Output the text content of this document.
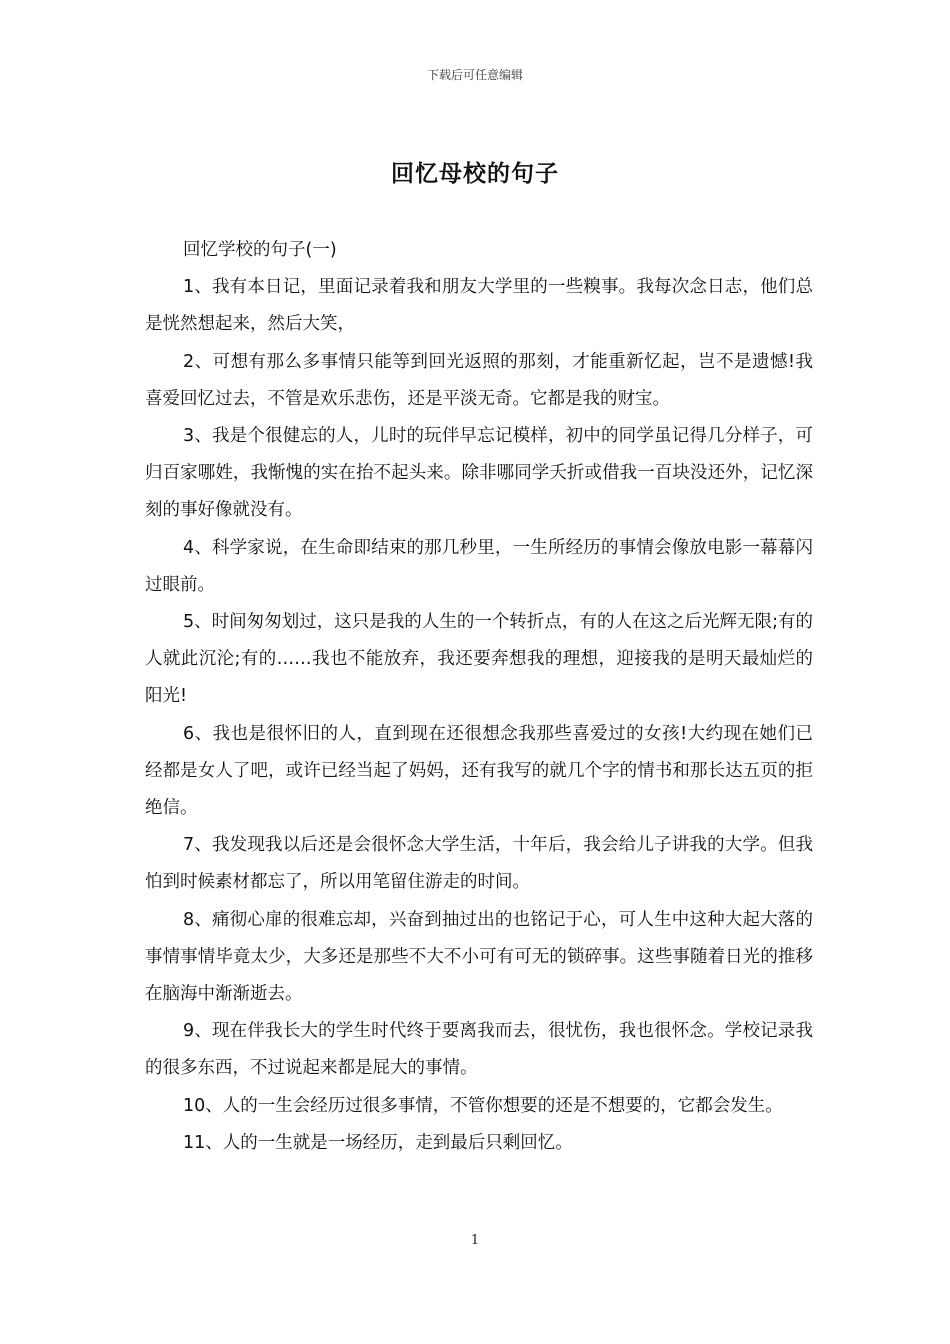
下载后可任意编辑
回忆母校的句子

回忆学校的句子(一)

1、我有本日记，里面记录着我和朋友大学里的一些糗事。我每次念日志，他们总是恍然想起来，然后大笑，

2、可想有那么多事情只能等到回光返照的那刻，才能重新忆起，岂不是遗憾!我喜爱回忆过去，不管是欢乐悲伤，还是平淡无奇。它都是我的财宝。

3、我是个很健忘的人，儿时的玩伴早忘记模样，初中的同学虽记得几分样子，可归百家哪姓，我惭愧的实在抬不起头来。除非哪同学夭折或借我一百块没还外，记忆深刻的事好像就没有。

4、科学家说，在生命即结束的那几秒里，一生所经历的事情会像放电影一幕幕闪过眼前。

5、时间匆匆划过，这只是我的人生的一个转折点，有的人在这之后光辉无限;有的人就此沉沦;有的……我也不能放弃，我还要奔想我的理想，迎接我的是明天最灿烂的阳光!

6、我也是很怀旧的人，直到现在还很想念我那些喜爱过的女孩!大约现在她们已经都是女人了吧，或许已经当起了妈妈，还有我写的就几个字的情书和那长达五页的拒绝信。

7、我发现我以后还是会很怀念大学生活，十年后，我会给儿子讲我的大学。但我怕到时候素材都忘了，所以用笔留住游走的时间。

8、痛彻心扉的很难忘却，兴奋到抽过出的也铭记于心，可人生中这种大起大落的事情事情毕竟太少，大多还是那些不大不小可有可无的锁碎事。这些事随着日光的推移在脑海中渐渐逝去。

9、现在伴我长大的学生时代终于要离我而去，很忧伤，我也很怀念。学校记录我的很多东西，不过说起来都是屁大的事情。

10、人的一生会经历过很多事情，不管你想要的还是不想要的，它都会发生。

11、人的一生就是一场经历，走到最后只剩回忆。

1
